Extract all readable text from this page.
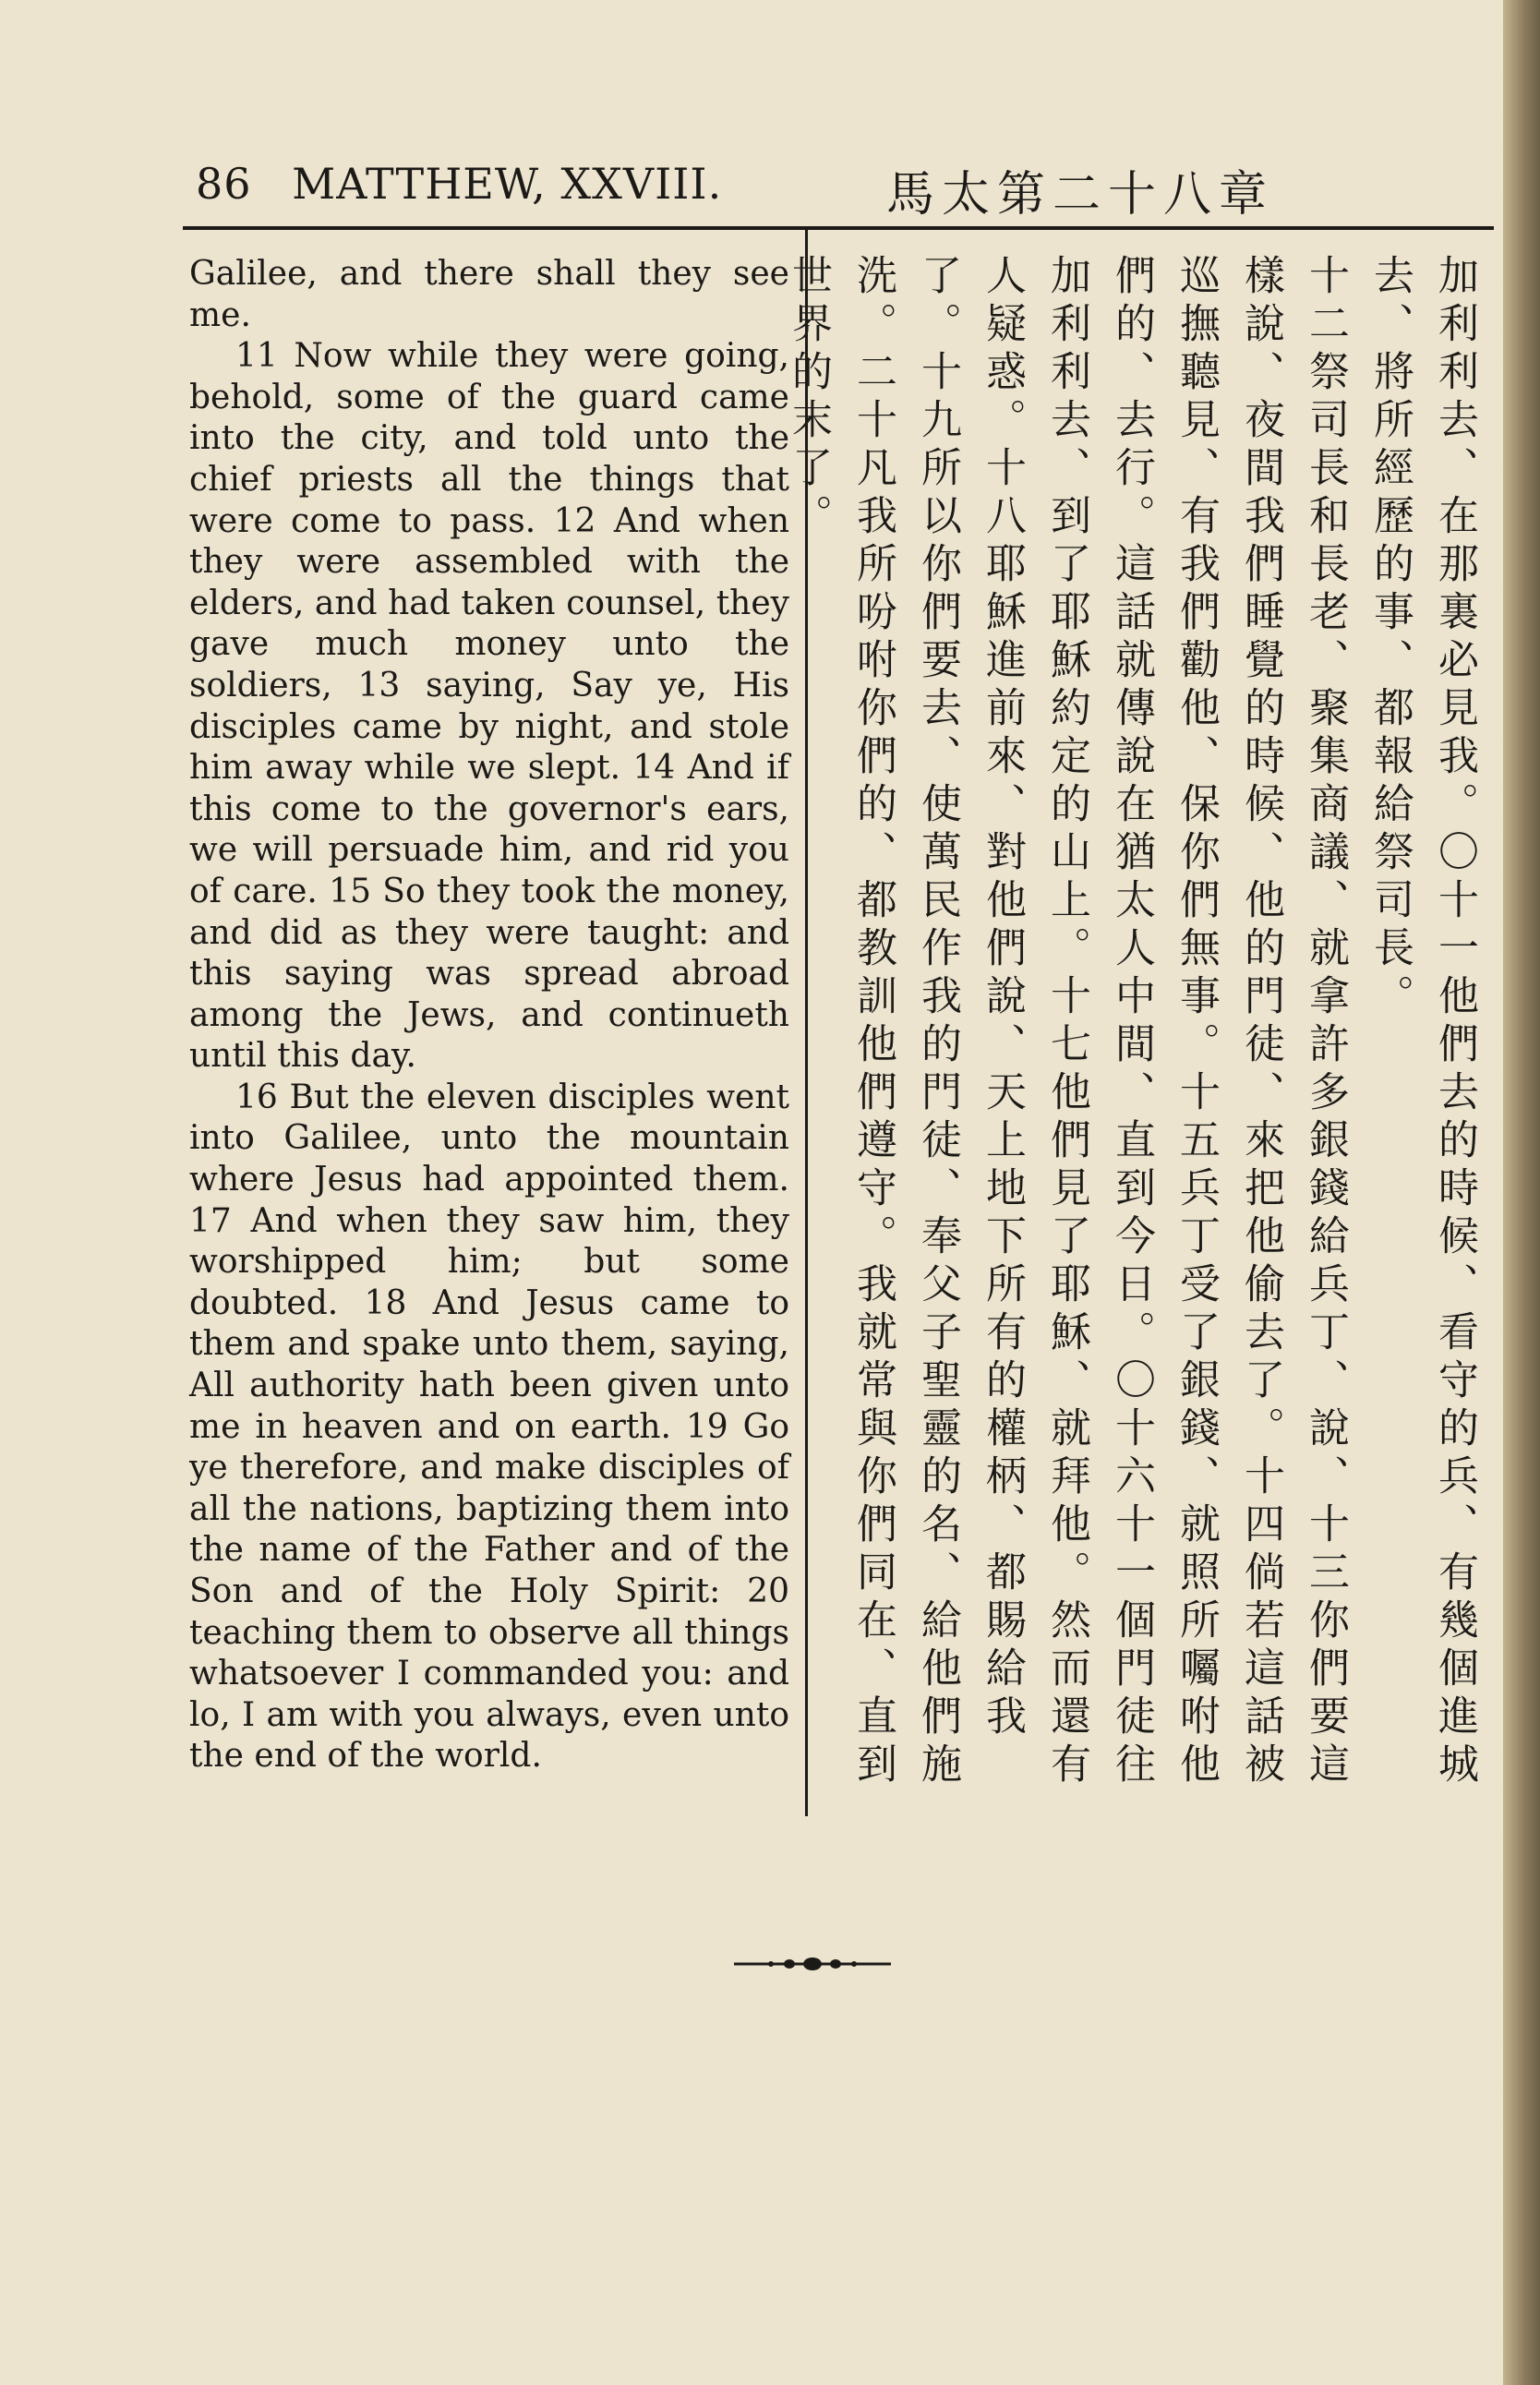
86 MATTHEW, XXVIII.	馬太第二十八章

Galilee, and there shall they see me.

11 Now while they were going, behold, some of the guard came into the city, and told unto the chief priests all the things that were come to pass. 12 And when they were assembled with the elders, and had taken counsel, they gave much money unto the soldiers, 13 saying, Say ye, His disciples came by night, and stole him away while we slept. 14 And if this come to the governor's ears, we will persuade him, and rid you of care. 15 So they took the money, and did as they were taught: and this saying was spread abroad among the Jews, and continueth until this day.

16 But the eleven disciples went into Galilee, unto the mountain where Jesus had appointed them. 17 And when they saw him, they worshipped him; but some doubted. 18 And Jesus came to them and spake unto them, saying, All authority hath been given unto me in heaven and on earth. 19 Go ye therefore, and make disciples of all the nations, baptizing them into the name of the Father and of the Son and of the Holy Spirit: 20 teaching them to observe all things whatsoever I commanded you: and lo, I am with you always, even unto the end of the world.	加利利去、在那裏必見我。〇十一他們去的時候、看守的兵、有幾個進城去、將所經歷的事、都報給祭司長。

十二祭司長和長老、聚集商議、就拿許多銀錢給兵丁、說、十三你們要這樣說、夜間我們睡覺的時候、他的門徒、來把他偷去了。十四倘若這話被巡撫聽見、有我們勸他、保你們無事。十五兵丁受了銀錢、就照所囑咐他們的、去行。這話就傳說在猶太人中間、直到今日。〇十六十一個門徒往加利利去、到了耶穌約定的山上。十七他們見了耶穌、就拜他。然而還有人疑惑。十八耶穌進前來、對他們說、天上地下所有的權柄、都賜給我了。十九所以你們要去、使萬民作我的門徒、奉父子聖靈的名、給他們施洗。二十凡我所吩咐你們的、都教訓他們遵守。我就常與你們同在、直到世界的末了。
